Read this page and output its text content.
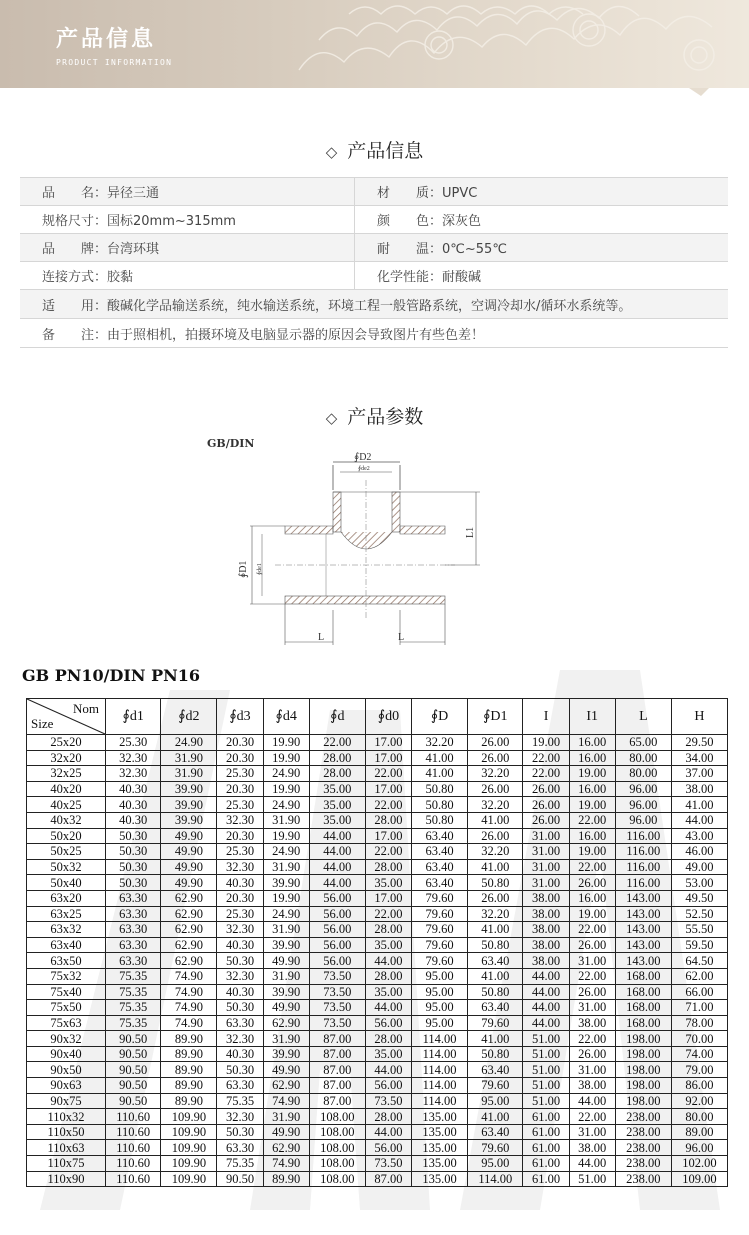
产品信息
PRODUCT INFORMATION
◇ 产品信息
品　　名：异径三通	材　　质：UPVC
规格尺寸：国标20mm~315mm	颜　　色：深灰色
品　　牌：台湾环琪	耐　　温：0℃~55℃
连接方式：胶黏	化学性能：耐酸碱
适　　用：酸碱化学品输送系统，纯水输送系统，环境工程一般管路系统，空调冷却水/循环水系统等。	
备　　注：由于照相机，拍摄环境及电脑显示器的原因会导致图片有些色差！	
◇ 产品参数
GB/DIN
∮D2
∮de2
∮D1 ∮de1
L1
L	L
GB PN10/DIN PN16
Nom
Size	∮d1	∮d2	∮d3	∮d4	∮d	∮d0	∮D	∮D1	I	I1	L	H
25x20	25.30	24.90	20.30	19.90	22.00	17.00	32.20	26.00	19.00	16.00	65.00	29.50
32x20	32.30	31.90	20.30	19.90	28.00	17.00	41.00	26.00	22.00	16.00	80.00	34.00
32x25	32.30	31.90	25.30	24.90	28.00	22.00	41.00	32.20	22.00	19.00	80.00	37.00
40x20	40.30	39.90	20.30	19.90	35.00	17.00	50.80	26.00	26.00	16.00	96.00	38.00
40x25	40.30	39.90	25.30	24.90	35.00	22.00	50.80	32.20	26.00	19.00	96.00	41.00
40x32	40.30	39.90	32.30	31.90	35.00	28.00	50.80	41.00	26.00	22.00	96.00	44.00
50x20	50.30	49.90	20.30	19.90	44.00	17.00	63.40	26.00	31.00	16.00	116.00	43.00
50x25	50.30	49.90	25.30	24.90	44.00	22.00	63.40	32.20	31.00	19.00	116.00	46.00
50x32	50.30	49.90	32.30	31.90	44.00	28.00	63.40	41.00	31.00	22.00	116.00	49.00
50x40	50.30	49.90	40.30	39.90	44.00	35.00	63.40	50.80	31.00	26.00	116.00	53.00
63x20	63.30	62.90	20.30	19.90	56.00	17.00	79.60	26.00	38.00	16.00	143.00	49.50
63x25	63.30	62.90	25.30	24.90	56.00	22.00	79.60	32.20	38.00	19.00	143.00	52.50
63x32	63.30	62.90	32.30	31.90	56.00	28.00	79.60	41.00	38.00	22.00	143.00	55.50
63x40	63.30	62.90	40.30	39.90	56.00	35.00	79.60	50.80	38.00	26.00	143.00	59.50
63x50	63.30	62.90	50.30	49.90	56.00	44.00	79.60	63.40	38.00	31.00	143.00	64.50
75x32	75.35	74.90	32.30	31.90	73.50	28.00	95.00	41.00	44.00	22.00	168.00	62.00
75x40	75.35	74.90	40.30	39.90	73.50	35.00	95.00	50.80	44.00	26.00	168.00	66.00
75x50	75.35	74.90	50.30	49.90	73.50	44.00	95.00	63.40	44.00	31.00	168.00	71.00
75x63	75.35	74.90	63.30	62.90	73.50	56.00	95.00	79.60	44.00	38.00	168.00	78.00
90x32	90.50	89.90	32.30	31.90	87.00	28.00	114.00	41.00	51.00	22.00	198.00	70.00
90x40	90.50	89.90	40.30	39.90	87.00	35.00	114.00	50.80	51.00	26.00	198.00	74.00
90x50	90.50	89.90	50.30	49.90	87.00	44.00	114.00	63.40	51.00	31.00	198.00	79.00
90x63	90.50	89.90	63.30	62.90	87.00	56.00	114.00	79.60	51.00	38.00	198.00	86.00
90x75	90.50	89.90	75.35	74.90	87.00	73.50	114.00	95.00	51.00	44.00	198.00	92.00
110x32	110.60	109.90	32.30	31.90	108.00	28.00	135.00	41.00	61.00	22.00	238.00	80.00
110x50	110.60	109.90	50.30	49.90	108.00	44.00	135.00	63.40	61.00	31.00	238.00	89.00
110x63	110.60	109.90	63.30	62.90	108.00	56.00	135.00	79.60	61.00	38.00	238.00	96.00
110x75	110.60	109.90	75.35	74.90	108.00	73.50	135.00	95.00	61.00	44.00	238.00	102.00
110x90	110.60	109.90	90.50	89.90	108.00	87.00	135.00	114.00	61.00	51.00	238.00	109.00
